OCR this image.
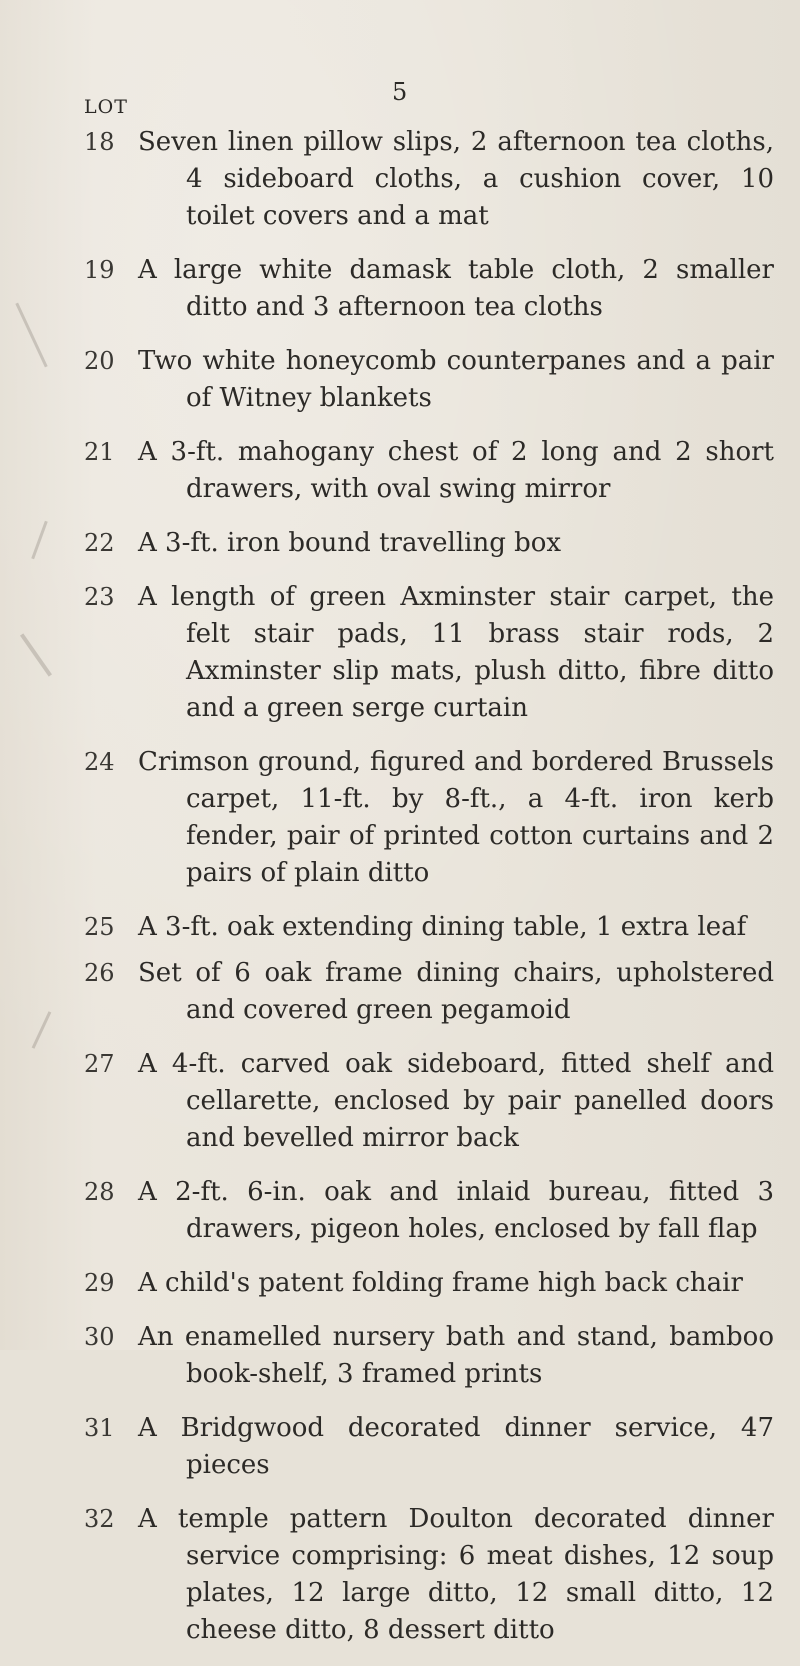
5
LOT
18 Seven linen pillow slips, 2 afternoon tea cloths, 4 sideboard cloths, a cushion cover, 10 toilet covers and a mat
19 A large white damask table cloth, 2 smaller ditto and 3 afternoon tea cloths
20 Two white honeycomb counterpanes and a pair of Witney blankets
21 A 3-ft. mahogany chest of 2 long and 2 short drawers, with oval swing mirror
22 A 3-ft. iron bound travelling box
23 A length of green Axminster stair carpet, the felt stair pads, 11 brass stair rods, 2 Axminster slip mats, plush ditto, fibre ditto and a green serge curtain
24 Crimson ground, figured and bordered Brussels carpet, 11-ft. by 8-ft., a 4-ft. iron kerb fender, pair of printed cotton curtains and 2 pairs of plain ditto
25 A 3-ft. oak extending dining table, 1 extra leaf
26 Set of 6 oak frame dining chairs, upholstered and covered green pegamoid
27 A 4-ft. carved oak sideboard, fitted shelf and cellarette, enclosed by pair panelled doors and bevelled mirror back
28 A 2-ft. 6-in. oak and inlaid bureau, fitted 3 drawers, pigeon holes, enclosed by fall flap
29 A child's patent folding frame high back chair
30 An enamelled nursery bath and stand, bamboo book-shelf, 3 framed prints
31 A Bridgwood decorated dinner service, 47 pieces
32 A temple pattern Doulton decorated dinner service comprising: 6 meat dishes, 12 soup plates, 12 large ditto, 12 small ditto, 12 cheese ditto, 8 dessert ditto
